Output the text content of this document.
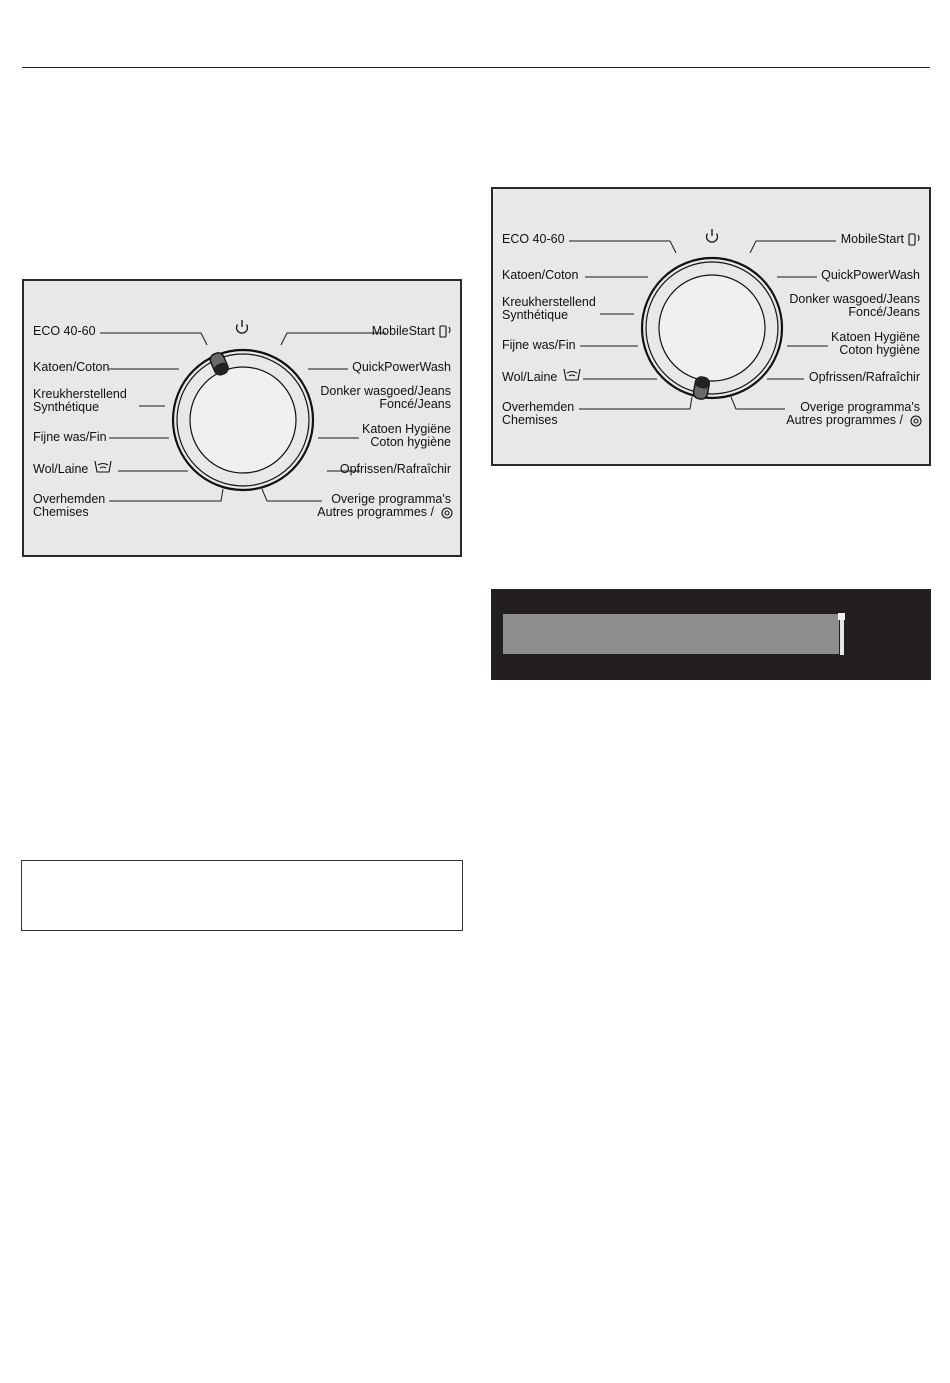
ECO 40-60
Katoen/Coton
Kreukherstellend
Synthétique
Fijne was/Fin
Wol/Laine
Overhemden
Chemises
MobileStart
QuickPowerWash
Donker wasgoed/Jeans
Foncé/Jeans
Katoen Hygiëne
Coton hygiène
Opfrissen/Rafraîchir
Overige programma's
Autres programmes /
ECO 40-60
Katoen/Coton
Kreukherstellend
Synthétique
Fijne was/Fin
Wol/Laine
Overhemden
Chemises
MobileStart
QuickPowerWash
Donker wasgoed/Jeans
Foncé/Jeans
Katoen Hygiëne
Coton hygiène
Opfrissen/Rafraîchir
Overige programma's
Autres programmes /
